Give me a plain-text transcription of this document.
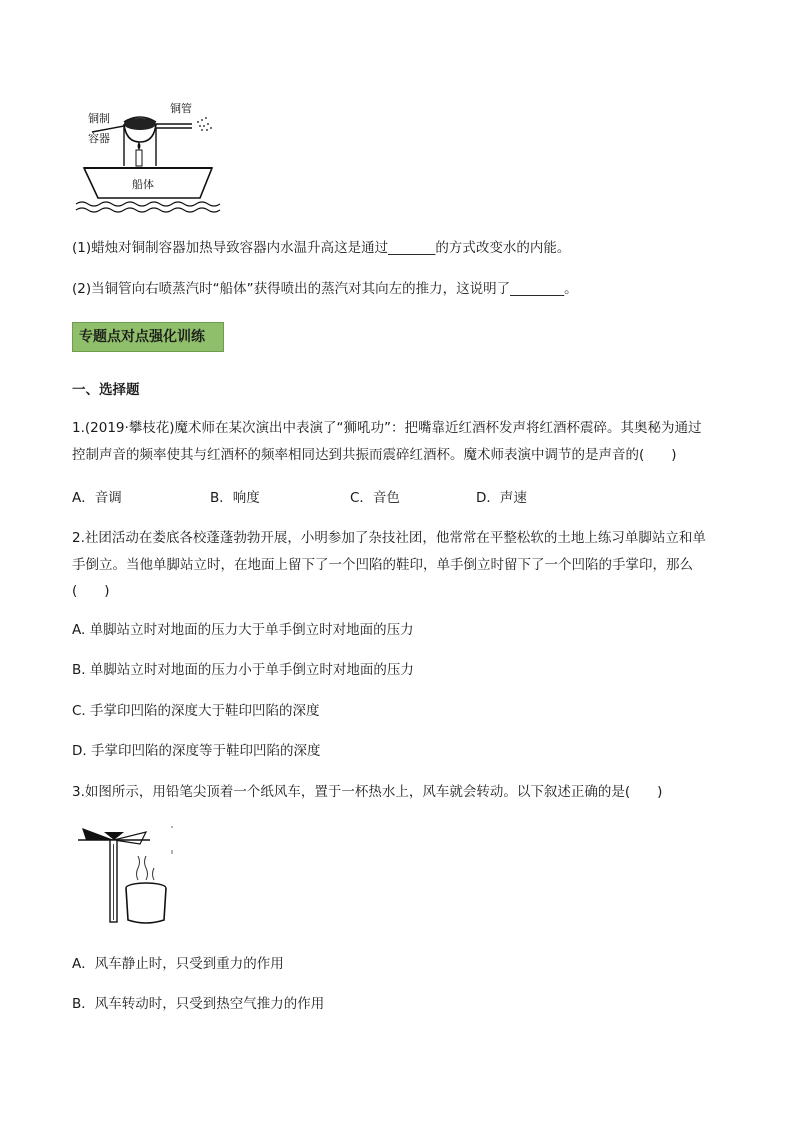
铜制
容器
铜管
船体
(1)蜡烛对铜制容器加热导致容器内水温升高这是通过_______的方式改变水的内能。
(2)当铜管向右喷蒸汽时“船体”获得喷出的蒸汽对其向左的推力，这说明了________。
专题点对点强化训练
一、选择题
1.(2019·攀枝花)魔术师在某次演出中表演了“狮吼功”：把嘴靠近红酒杯发声将红酒杯震碎。其奥秘为通过
控制声音的频率使其与红酒杯的频率相同达到共振而震碎红酒杯。魔术师表演中调节的是声音的(　　)
A．音调	B．响度	C．音色	D．声速
2.社团活动在娄底各校蓬蓬勃勃开展，小明参加了杂技社团，他常常在平整松软的土地上练习单脚站立和单
手倒立。当他单脚站立时，在地面上留下了一个凹陷的鞋印，单手倒立时留下了一个凹陷的手掌印，那么
(　　)
A. 单脚站立时对地面的压力大于单手倒立时对地面的压力
B. 单脚站立时对地面的压力小于单手倒立时对地面的压力
C. 手掌印凹陷的深度大于鞋印凹陷的深度
D. 手掌印凹陷的深度等于鞋印凹陷的深度
3.如图所示，用铅笔尖顶着一个纸风车，置于一杯热水上，风车就会转动。以下叙述正确的是(　　)
A．风车静止时，只受到重力的作用
B．风车转动时，只受到热空气推力的作用
